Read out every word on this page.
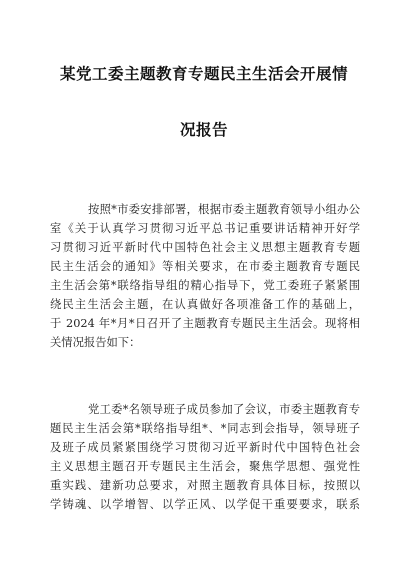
某党工委主题教育专题民主生活会开展情
况报告
按照*市委安排部署，根据市委主题教育领导小组办公
室《关于认真学习贯彻习近平总书记重要讲话精神开好学
习贯彻习近平新时代中国特色社会主义思想主题教育专题
民主生活会的通知》等相关要求，在市委主题教育专题民
主生活会第*联络指导组的精心指导下，党工委班子紧紧围
绕民主生活会主题，在认真做好各项准备工作的基础上，
于 2024 年*月*日召开了主题教育专题民主生活会。现将相
关情况报告如下：
党工委*名领导班子成员参加了会议，市委主题教育专
题民主生活会第*联络指导组*、*同志到会指导，领导班子
及班子成员紧紧围绕学习贯彻习近平新时代中国特色社会
主义思想主题召开专题民主生活会，聚焦学思想、强党性
重实践、建新功总要求，对照主题教育具体目标，按照以
学铸魂、以学增智、以学正风、以学促干重要要求，联系
